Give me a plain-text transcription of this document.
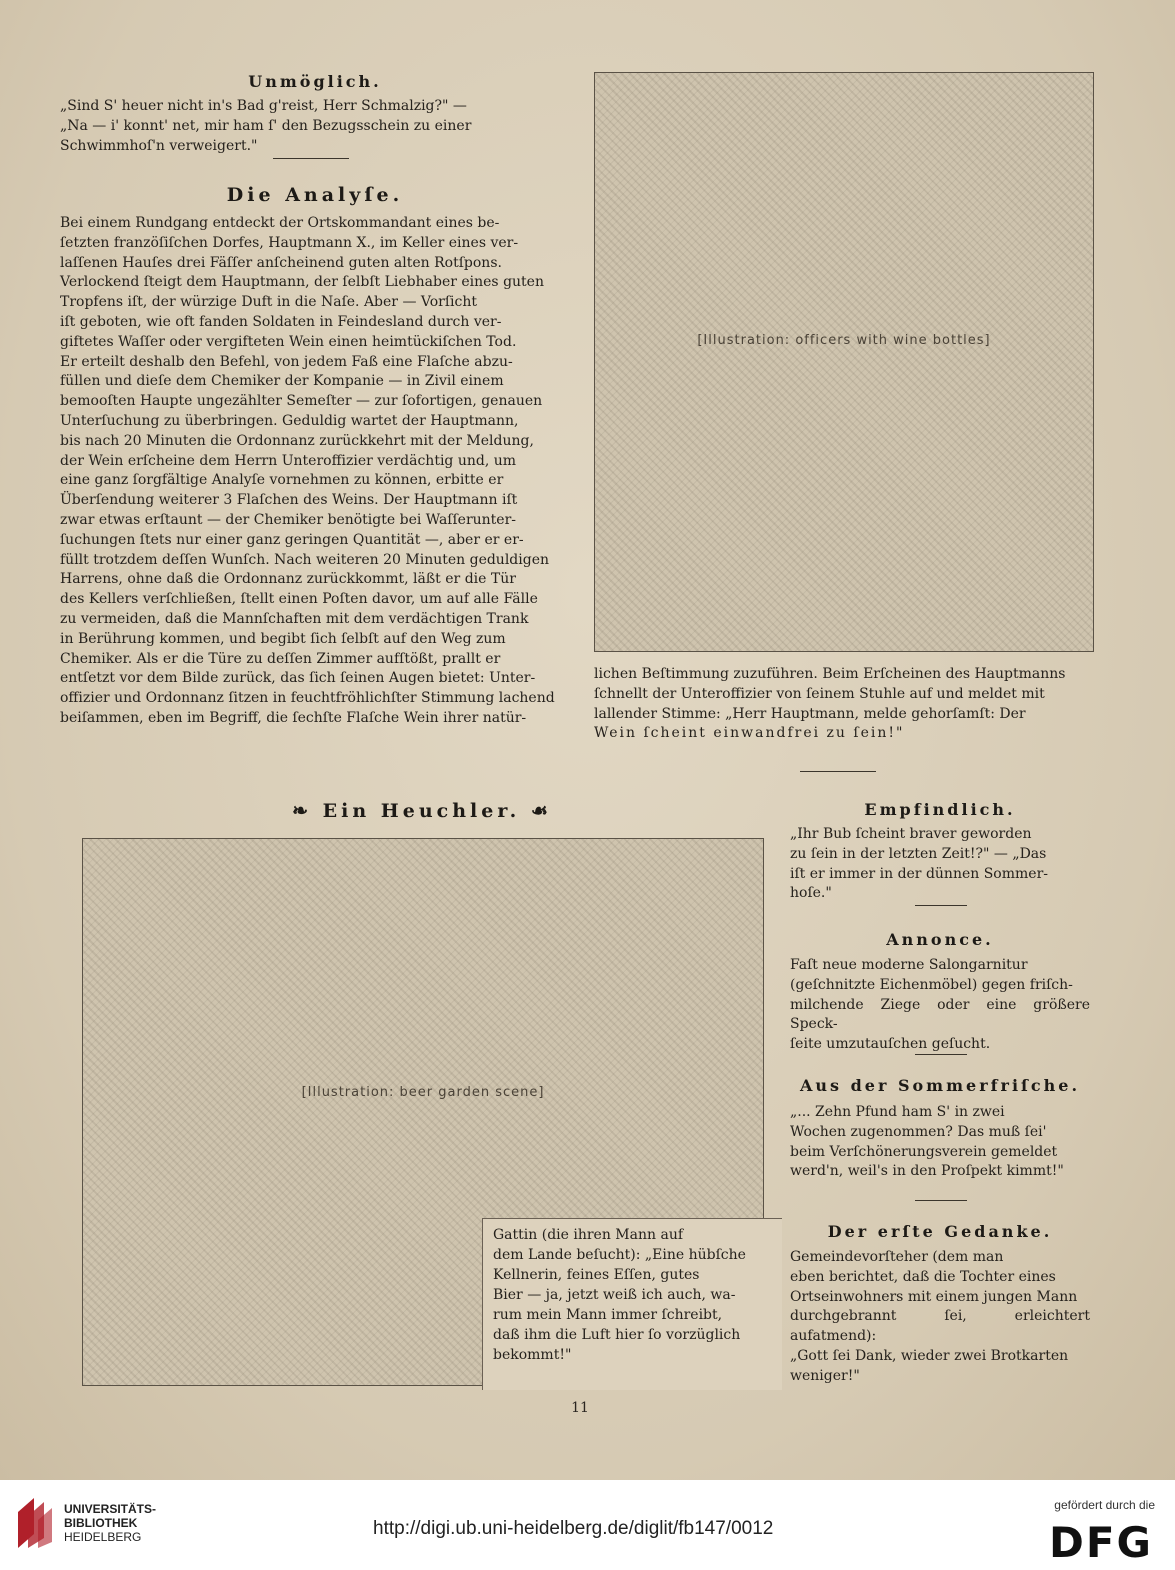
Unmöglich.

„Sind S' heuer nicht in's Bad g'reist, Herr Schmalzig?" —

„Na — i' konnt' net, mir ham ſ' den Bezugsschein zu einer

Schwimmhoſ'n verweigert."

Die Analyſe.

Bei einem Rundgang entdeckt der Ortskommandant eines be-

ſetzten franzöſiſchen Dorfes, Hauptmann X., im Keller eines ver-

laſſenen Hauſes drei Fäſſer anſcheinend guten alten Rotſpons.

Verlockend ſteigt dem Hauptmann, der ſelbſt Liebhaber eines guten

Tropfens iſt, der würzige Duft in die Naſe. Aber — Vorſicht

iſt geboten, wie oft fanden Soldaten in Feindesland durch ver-

giftetes Waſſer oder vergifteten Wein einen heimtückiſchen Tod.

Er erteilt deshalb den Befehl, von jedem Faß eine Flaſche abzu-

füllen und dieſe dem Chemiker der Kompanie — in Zivil einem

bemooſten Haupte ungezählter Semeſter — zur ſofortigen, genauen

Unterſuchung zu überbringen. Geduldig wartet der Hauptmann,

bis nach 20 Minuten die Ordonnanz zurückkehrt mit der Meldung,

der Wein erſcheine dem Herrn Unteroffizier verdächtig und, um

eine ganz ſorgfältige Analyſe vornehmen zu können, erbitte er

Überſendung weiterer 3 Flaſchen des Weins. Der Hauptmann iſt

zwar etwas erſtaunt — der Chemiker benötigte bei Waſſerunter-

ſuchungen ſtets nur einer ganz geringen Quantität —, aber er er-

füllt trotzdem deſſen Wunſch. Nach weiteren 20 Minuten geduldigen

Harrens, ohne daß die Ordonnanz zurückkommt, läßt er die Tür

des Kellers verſchließen, ſtellt einen Poſten davor, um auf alle Fälle

zu vermeiden, daß die Mannſchaften mit dem verdächtigen Trank

in Berührung kommen, und begibt ſich ſelbſt auf den Weg zum

Chemiker. Als er die Türe zu deſſen Zimmer aufſtößt, prallt er

entſetzt vor dem Bilde zurück, das ſich ſeinen Augen bietet: Unter-

offizier und Ordonnanz ſitzen in feuchtfröhlichſter Stimmung lachend

beiſammen, eben im Begriff, die ſechſte Flaſche Wein ihrer natür-

[Illustration: officers with wine bottles]

lichen Beſtimmung zuzuführen. Beim Erſcheinen des Hauptmanns

ſchnellt der Unteroffizier von ſeinem Stuhle auf und meldet mit

lallender Stimme: „Herr Hauptmann, melde gehorſamſt: Der

Wein ſcheint einwandfrei zu ſein!"

❧ Ein Heuchler. ☙
[Illustration: beer garden scene]

Gattin (die ihren Mann auf

dem Lande beſucht): „Eine hübſche

Kellnerin, feines Eſſen, gutes

Bier — ja, jetzt weiß ich auch, wa-

rum mein Mann immer ſchreibt,

daß ihm die Luft hier ſo vorzüglich

bekommt!"

Empfindlich.

„Ihr Bub ſcheint braver geworden

zu ſein in der letzten Zeit!?" — „Das

iſt er immer in der dünnen Sommer-

hoſe."

Annonce.

Faſt neue moderne Salongarnitur

(geſchnitzte Eichenmöbel) gegen friſch-

milchende Ziege oder eine größere Speck-

ſeite umzutauſchen geſucht.

Aus der Sommerfriſche.

„... Zehn Pfund ham S' in zwei

Wochen zugenommen? Das muß ſei'

beim Verſchönerungsverein gemeldet

werd'n, weil's in den Proſpekt kimmt!"

Der erſte Gedanke.

Gemeindevorſteher (dem man

eben berichtet, daß die Tochter eines

Ortseinwohners mit einem jungen Mann

durchgebrannt ſei, erleichtert aufatmend):

„Gott ſei Dank, wieder zwei Brotkarten

weniger!"

11
UNIVERSITÄTS-
BIBLIOTHEK
HEIDELBERG	http://digi.ub.uni-heidelberg.de/diglit/fb147/0012
gefördert durch die
DFG
